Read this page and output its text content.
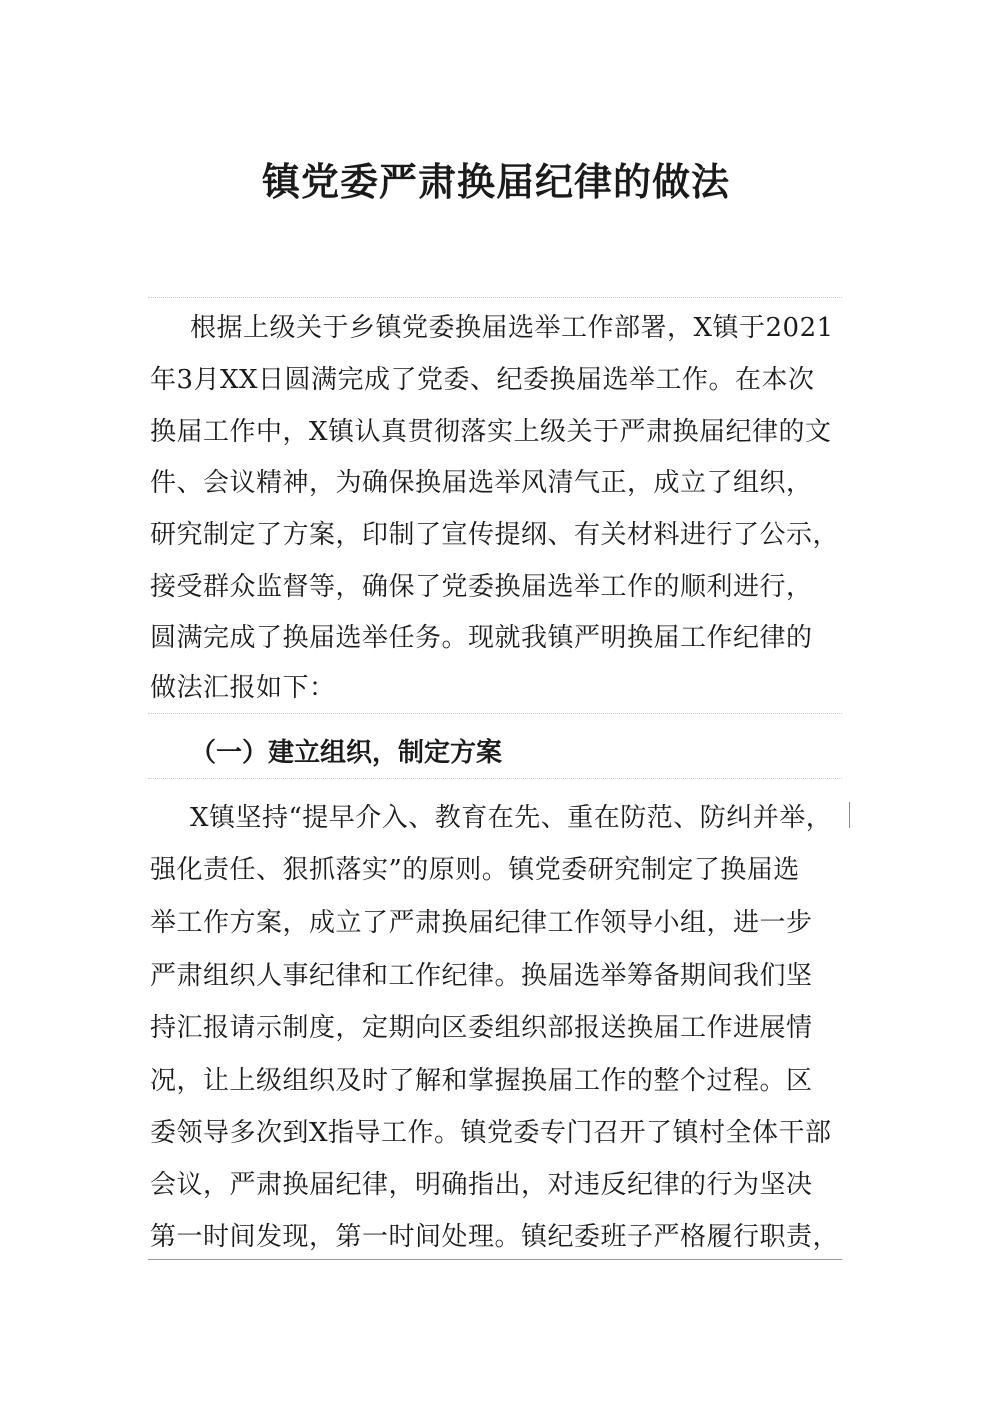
镇党委严肃换届纪律的做法
根据上级关于乡镇党委换届选举工作部署，X镇于2021
年3月XX日圆满完成了党委、纪委换届选举工作。在本次
换届工作中，X镇认真贯彻落实上级关于严肃换届纪律的文
件、会议精神，为确保换届选举风清气正，成立了组织，
研究制定了方案，印制了宣传提纲、有关材料进行了公示，
接受群众监督等，确保了党委换届选举工作的顺利进行，
圆满完成了换届选举任务。现就我镇严明换届工作纪律的
做法汇报如下：
（一）建立组织，制定方案
X镇坚持“提早介入、教育在先、重在防范、防纠并举，
强化责任、狠抓落实”的原则。镇党委研究制定了换届选
举工作方案，成立了严肃换届纪律工作领导小组，进一步
严肃组织人事纪律和工作纪律。换届选举筹备期间我们坚
持汇报请示制度，定期向区委组织部报送换届工作进展情
况，让上级组织及时了解和掌握换届工作的整个过程。区
委领导多次到X指导工作。镇党委专门召开了镇村全体干部
会议，严肃换届纪律，明确指出，对违反纪律的行为坚决
第一时间发现，第一时间处理。镇纪委班子严格履行职责，
